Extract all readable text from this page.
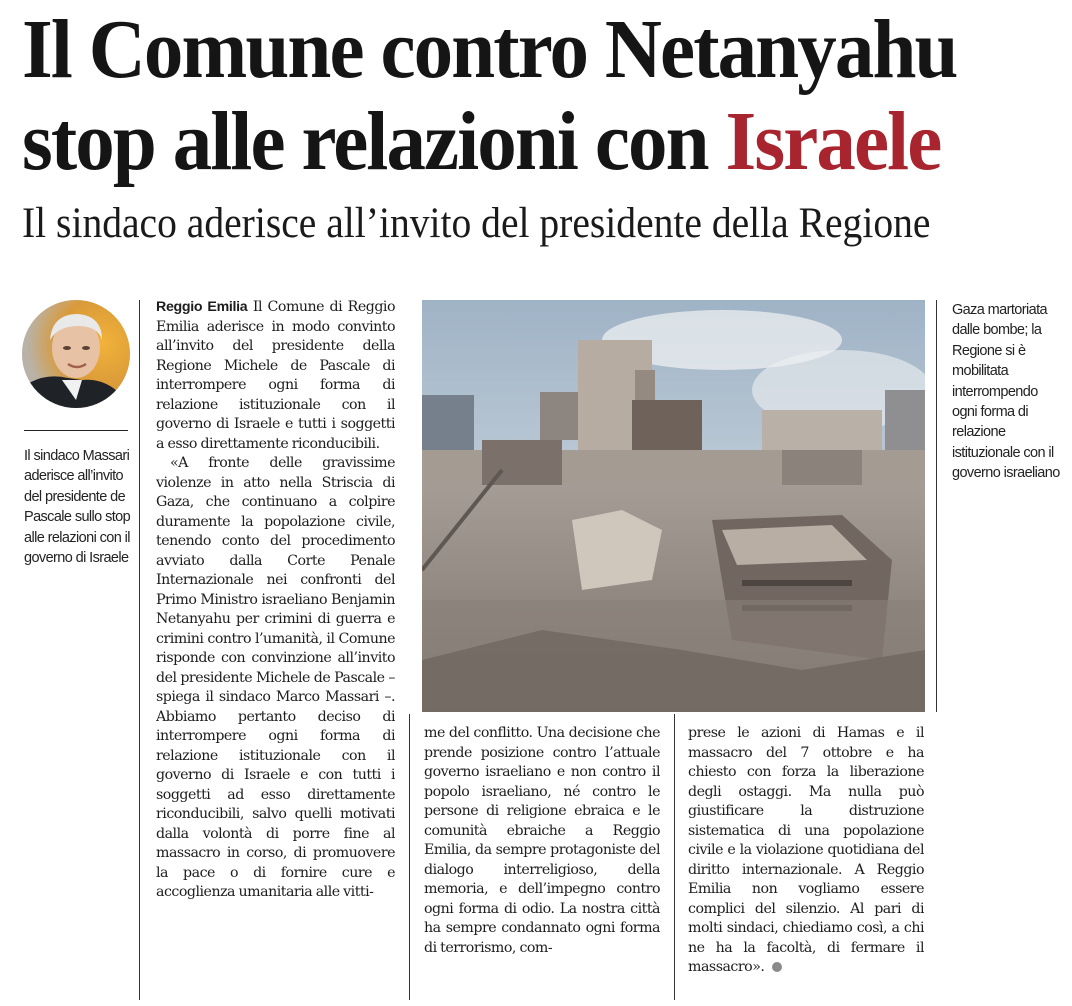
Il Comune contro Netanyahu
stop alle relazioni con Israele
Il sindaco aderisce all’invito del presidente della Regione
Il sindaco Massari aderisce all’invito del presidente de Pascale sullo stop alle relazioni con il governo di Israele

Reggio Emilia Il Comune di Reggio Emilia aderisce in modo convinto all’invito del presidente della Regione Michele de Pascale di interrompere ogni forma di relazione istituzionale con il governo di Israele e tutti i soggetti a esso direttamente riconducibili.

«A fronte delle gravissime violenze in atto nella Striscia di Gaza, che continuano a colpire duramente la popolazione civile, tenendo conto del procedimento avviato dalla Corte Penale Internazionale nei confronti del Primo Ministro israeliano Benjamin Netanyahu per crimini di guerra e crimini contro l’umanità, il Comune risponde con convinzione all’invito del presidente Michele de Pascale – spiega il sindaco Marco Massari –. Abbiamo pertanto deciso di interrompere ogni forma di relazione istituzionale con il governo di Israele e con tutti i soggetti ad esso direttamente riconducibili, salvo quelli motivati dalla volontà di porre fine al massacro in corso, di promuovere la pace o di fornire cure e accoglienza umanitaria alle vitti-

Gaza martoriata dalle bombe; la Regione si è mobilitata interrompendo ogni forma di relazione istituzionale con il governo israeliano

me del conflitto. Una decisione che prende posizione contro l’attuale governo israeliano e non contro il popolo israeliano, né contro le persone di religione ebraica e le comunità ebraiche a Reggio Emilia, da sempre protagoniste del dialogo interreligioso, della memoria, e dell’impegno contro ogni forma di odio. La nostra città ha sempre condannato ogni forma di terrorismo, com-

prese le azioni di Hamas e il massacro del 7 ottobre e ha chiesto con forza la liberazione degli ostaggi. Ma nulla può giustificare la distruzione sistematica di una popolazione civile e la violazione quotidiana del diritto internazionale. A Reggio Emilia non vogliamo essere complici del silenzio. Al pari di molti sindaci, chiediamo così, a chi ne ha la facoltà, di fermare il massacro».
